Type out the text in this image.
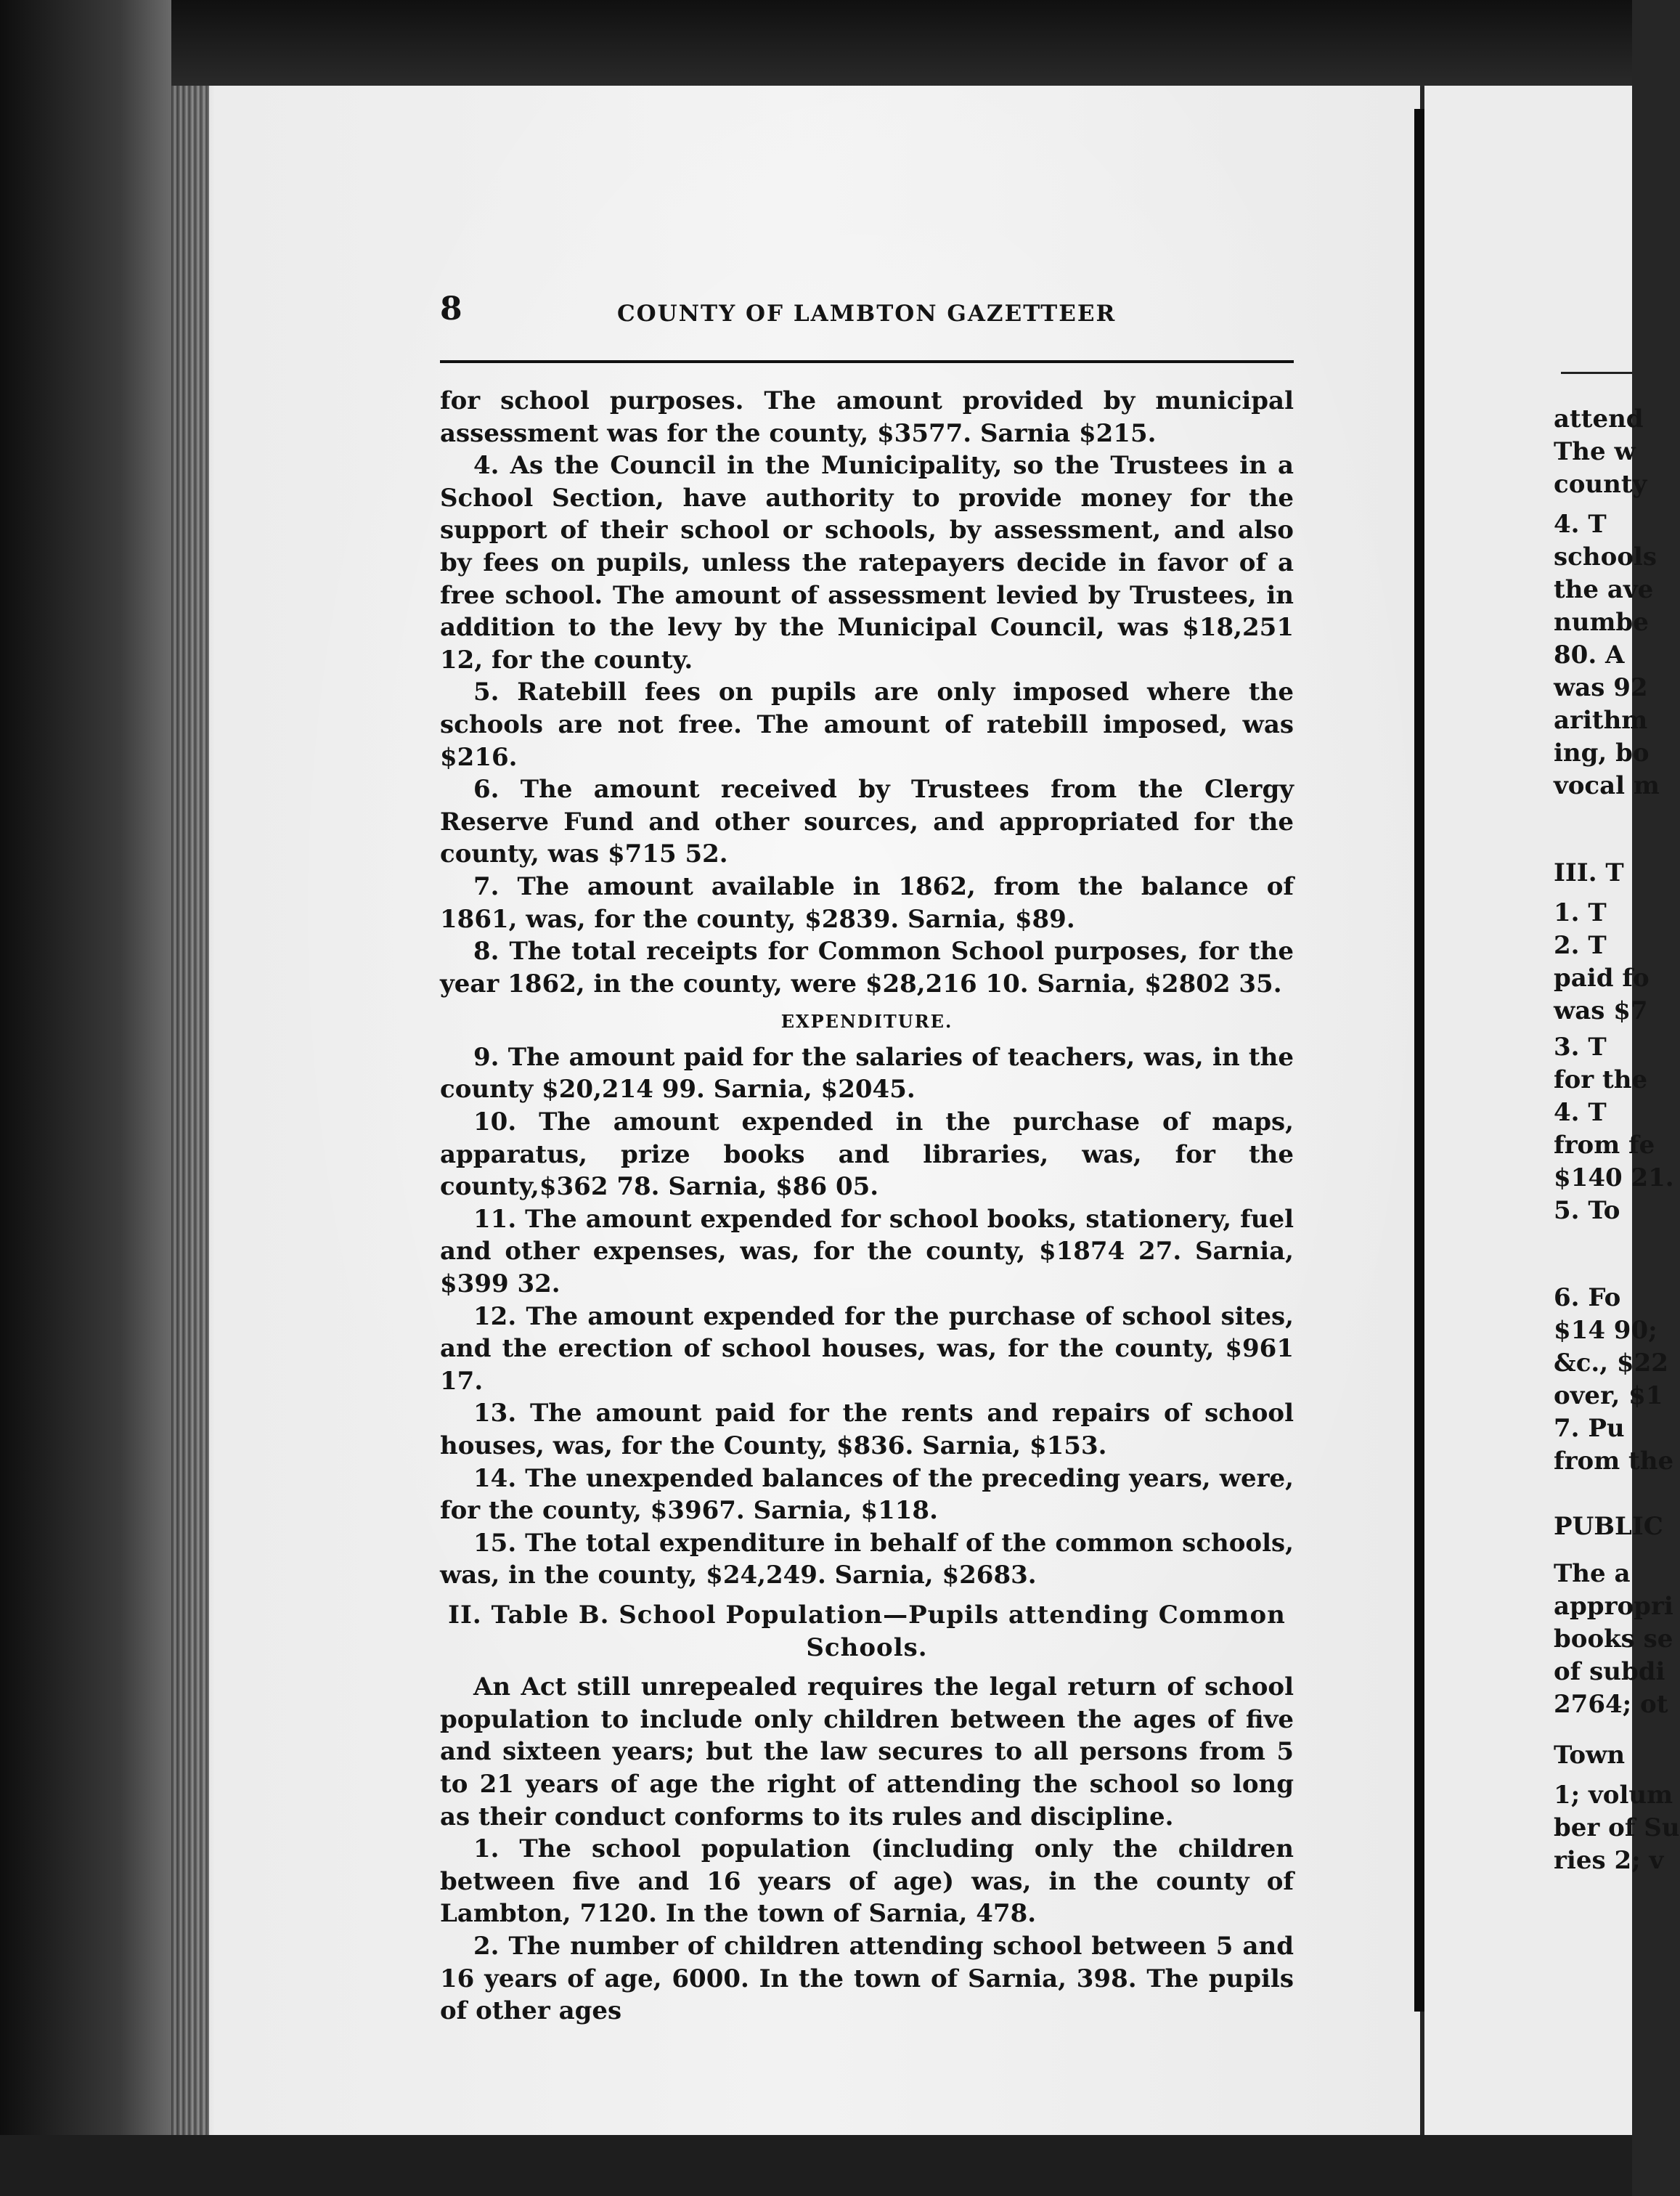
8	COUNTY OF LAMBTON GAZETTEER

for school purposes. The amount provided by municipal assessment was for the county, $3577. Sarnia $215.

4. As the Council in the Municipality, so the Trustees in a School Section, have authority to provide money for the support of their school or schools, by assessment, and also by fees on pupils, unless the ratepayers decide in favor of a free school. The amount of assessment levied by Trustees, in addition to the levy by the Municipal Council, was $18,251 12, for the county.

5. Ratebill fees on pupils are only imposed where the schools are not free. The amount of ratebill imposed, was $216.

6. The amount received by Trustees from the Clergy Reserve Fund and other sources, and appropriated for the county, was $715 52.

7. The amount available in 1862, from the balance of 1861, was, for the county, $2839. Sarnia, $89.

8. The total receipts for Common School purposes, for the year 1862, in the county, were $28,216 10. Sarnia, $2802 35.

EXPENDITURE.

9. The amount paid for the salaries of teachers, was, in the county $20,214 99. Sarnia, $2045.

10. The amount expended in the purchase of maps, apparatus, prize books and libraries, was, for the county,$362 78. Sarnia, $86 05.

11. The amount expended for school books, stationery, fuel and other expenses, was, for the county, $1874 27. Sarnia, $399 32.

12. The amount expended for the purchase of school sites, and the erection of school houses, was, for the county, $961 17.

13. The amount paid for the rents and repairs of school houses, was, for the County, $836. Sarnia, $153.

14. The unexpended balances of the preceding years, were, for the county, $3967. Sarnia, $118.

15. The total expenditure in behalf of the common schools, was, in the county, $24,249. Sarnia, $2683.

II. Table B. School Population—Pupils attending Common Schools.

An Act still unrepealed requires the legal return of school population to include only children between the ages of five and sixteen years; but the law secures to all persons from 5 to 21 years of age the right of attending the school so long as their conduct conforms to its rules and discipline.

1. The school population (including only the children between five and 16 years of age) was, in the county of Lambton, 7120. In the town of Sarnia, 478.

2. The number of children attending school between 5 and 16 years of age, 6000. In the town of Sarnia, 398. The pupils of other ages

attend
The w
county
4. T
schools
the ave
numbe
80. A
was 92
arithm
ing, bo
vocal m
III. T
1. T
2. T
paid fo
was $7
3. T
for the
4. T
from fe
$140 21.
5. To
6. Fo
$14 90;
&c., $22
over, $1
7. Pu
from the
PUBLIC
The a
appropri
books se
of subdi
2764; ot
Town
1; volum
ber of Su
ries 2; v
